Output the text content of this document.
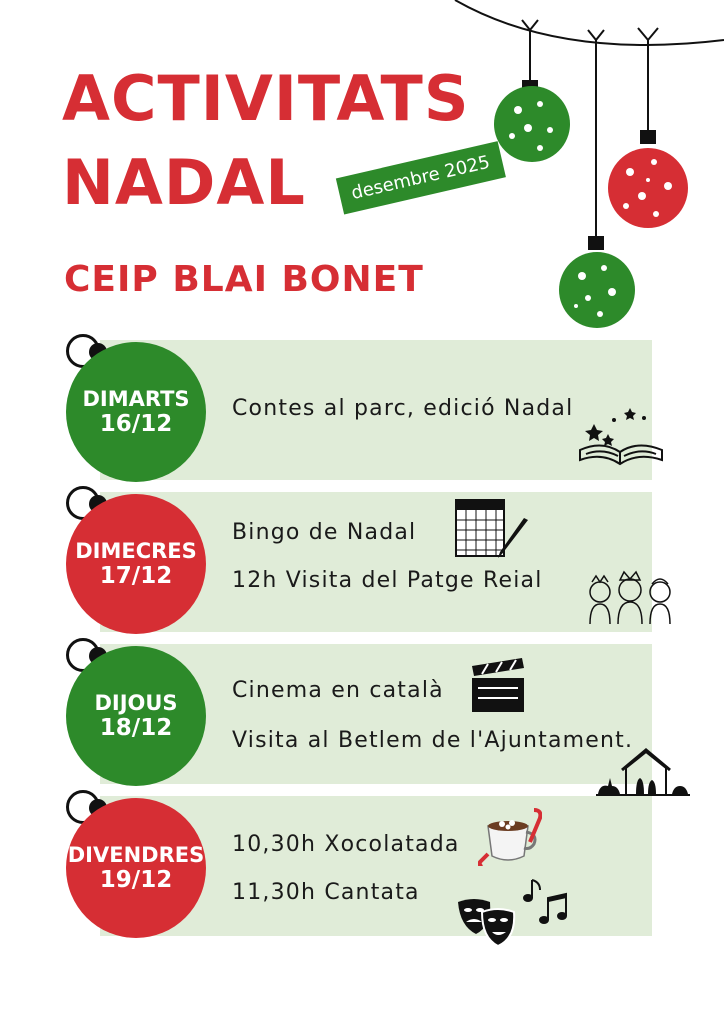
ACTIVITATS
NADAL
CEIP BLAI BONET
desembre 2025
DIMARTS
16/12

Contes al parc, edició Nadal

DIMECRES
17/12

Bingo de Nadal

12h Visita del Patge Reial

DIJOUS
18/12

Cinema en català

Visita al Betlem de l'Ajuntament.

DIVENDRES
19/12

10,30h Xocolatada

11,30h Cantata
